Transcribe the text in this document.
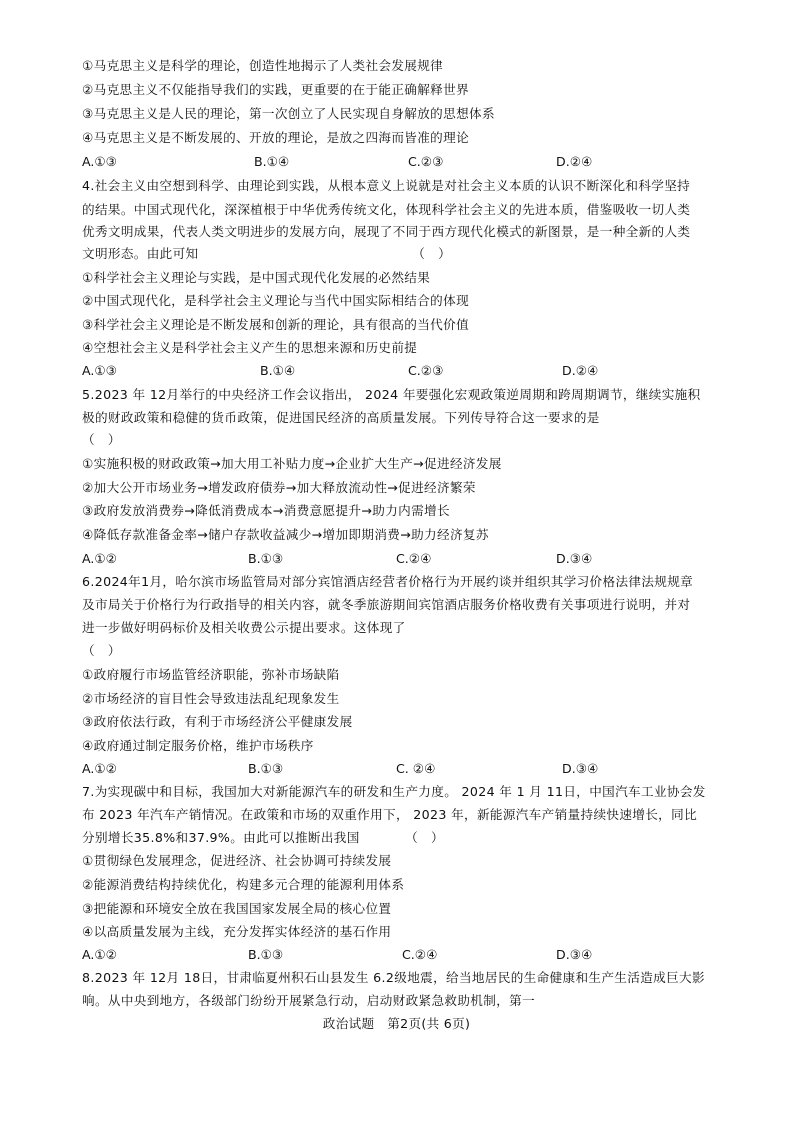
①马克思主义是科学的理论，创造性地揭示了人类社会发展规律
②马克思主义不仅能指导我们的实践，更重要的在于能正确解释世界
③马克思主义是人民的理论，第一次创立了人民实现自身解放的思想体系
④马克思主义是不断发展的、开放的理论，是放之四海而皆准的理论
A.①③	B.①④	C.②③	D.②④
4.社会主义由空想到科学、由理论到实践，从根本意义上说就是对社会主义本质的认识不断深化和科学坚持
的结果。中国式现代化，深深植根于中华优秀传统文化，体现科学社会主义的先进本质，借鉴吸收一切人类
优秀文明成果，代表人类文明进步的发展方向，展现了不同于西方现代化模式的新图景，是一种全新的人类
文明形态。由此可知　　　　　　　　　　　　　　　　　（　）
①科学社会主义理论与实践，是中国式现代化发展的必然结果
②中国式现代化，是科学社会主义理论与当代中国实际相结合的体现
③科学社会主义理论是不断发展和创新的理论，具有很高的当代价值
④空想社会主义是科学社会主义产生的思想来源和历史前提
A.①③	B.①④	C.②③	D.②④
5.2023 年 12月举行的中央经济工作会议指出， 2024 年要强化宏观政策逆周期和跨周期调节，继续实施积
极的财政政策和稳健的货币政策，促进国民经济的高质量发展。下列传导符合这一要求的是
（　）
①实施积极的财政政策→加大用工补贴力度→企业扩大生产→促进经济发展
②加大公开市场业务→增发政府债券→加大释放流动性→促进经济繁荣
③政府发放消费券→降低消费成本→消费意愿提升→助力内需增长
④降低存款准备金率→储户存款收益减少→增加即期消费→助力经济复苏
A.①②	B.①③	C.②④	D.③④
6.2024年1月，哈尔滨市场监管局对部分宾馆酒店经营者价格行为开展约谈并组织其学习价格法律法规规章
及市局关于价格行为行政指导的相关内容，就冬季旅游期间宾馆酒店服务价格收费有关事项进行说明，并对
进一步做好明码标价及相关收费公示提出要求。这体现了
（　）
①政府履行市场监管经济职能，弥补市场缺陷
②市场经济的盲目性会导致违法乱纪现象发生
③政府依法行政，有利于市场经济公平健康发展
④政府通过制定服务价格，维护市场秩序
A.①②	B.①③	C. ②④	D.③④
7.为实现碳中和目标，我国加大对新能源汽车的研发和生产力度。 2024 年 1 月 11日，中国汽车工业协会发
布 2023 年汽车产销情况。在政策和市场的双重作用下， 2023 年，新能源汽车产销量持续快速增长，同比
分别增长35.8%和37.9%。由此可以推断出我国　　　　（　）
①贯彻绿色发展理念，促进经济、社会协调可持续发展
②能源消费结构持续优化，构建多元合理的能源利用体系
③把能源和环境安全放在我国国家发展全局的核心位置
④以高质量发展为主线，充分发挥实体经济的基石作用
A.①②	B.①③	C.②④	D.③④
8.2023 年 12月 18日，甘肃临夏州积石山县发生 6.2级地震，给当地居民的生命健康和生产生活造成巨大影
响。从中央到地方，各级部门纷纷开展紧急行动，启动财政紧急救助机制，第一
政治试题　第2页(共 6页)
